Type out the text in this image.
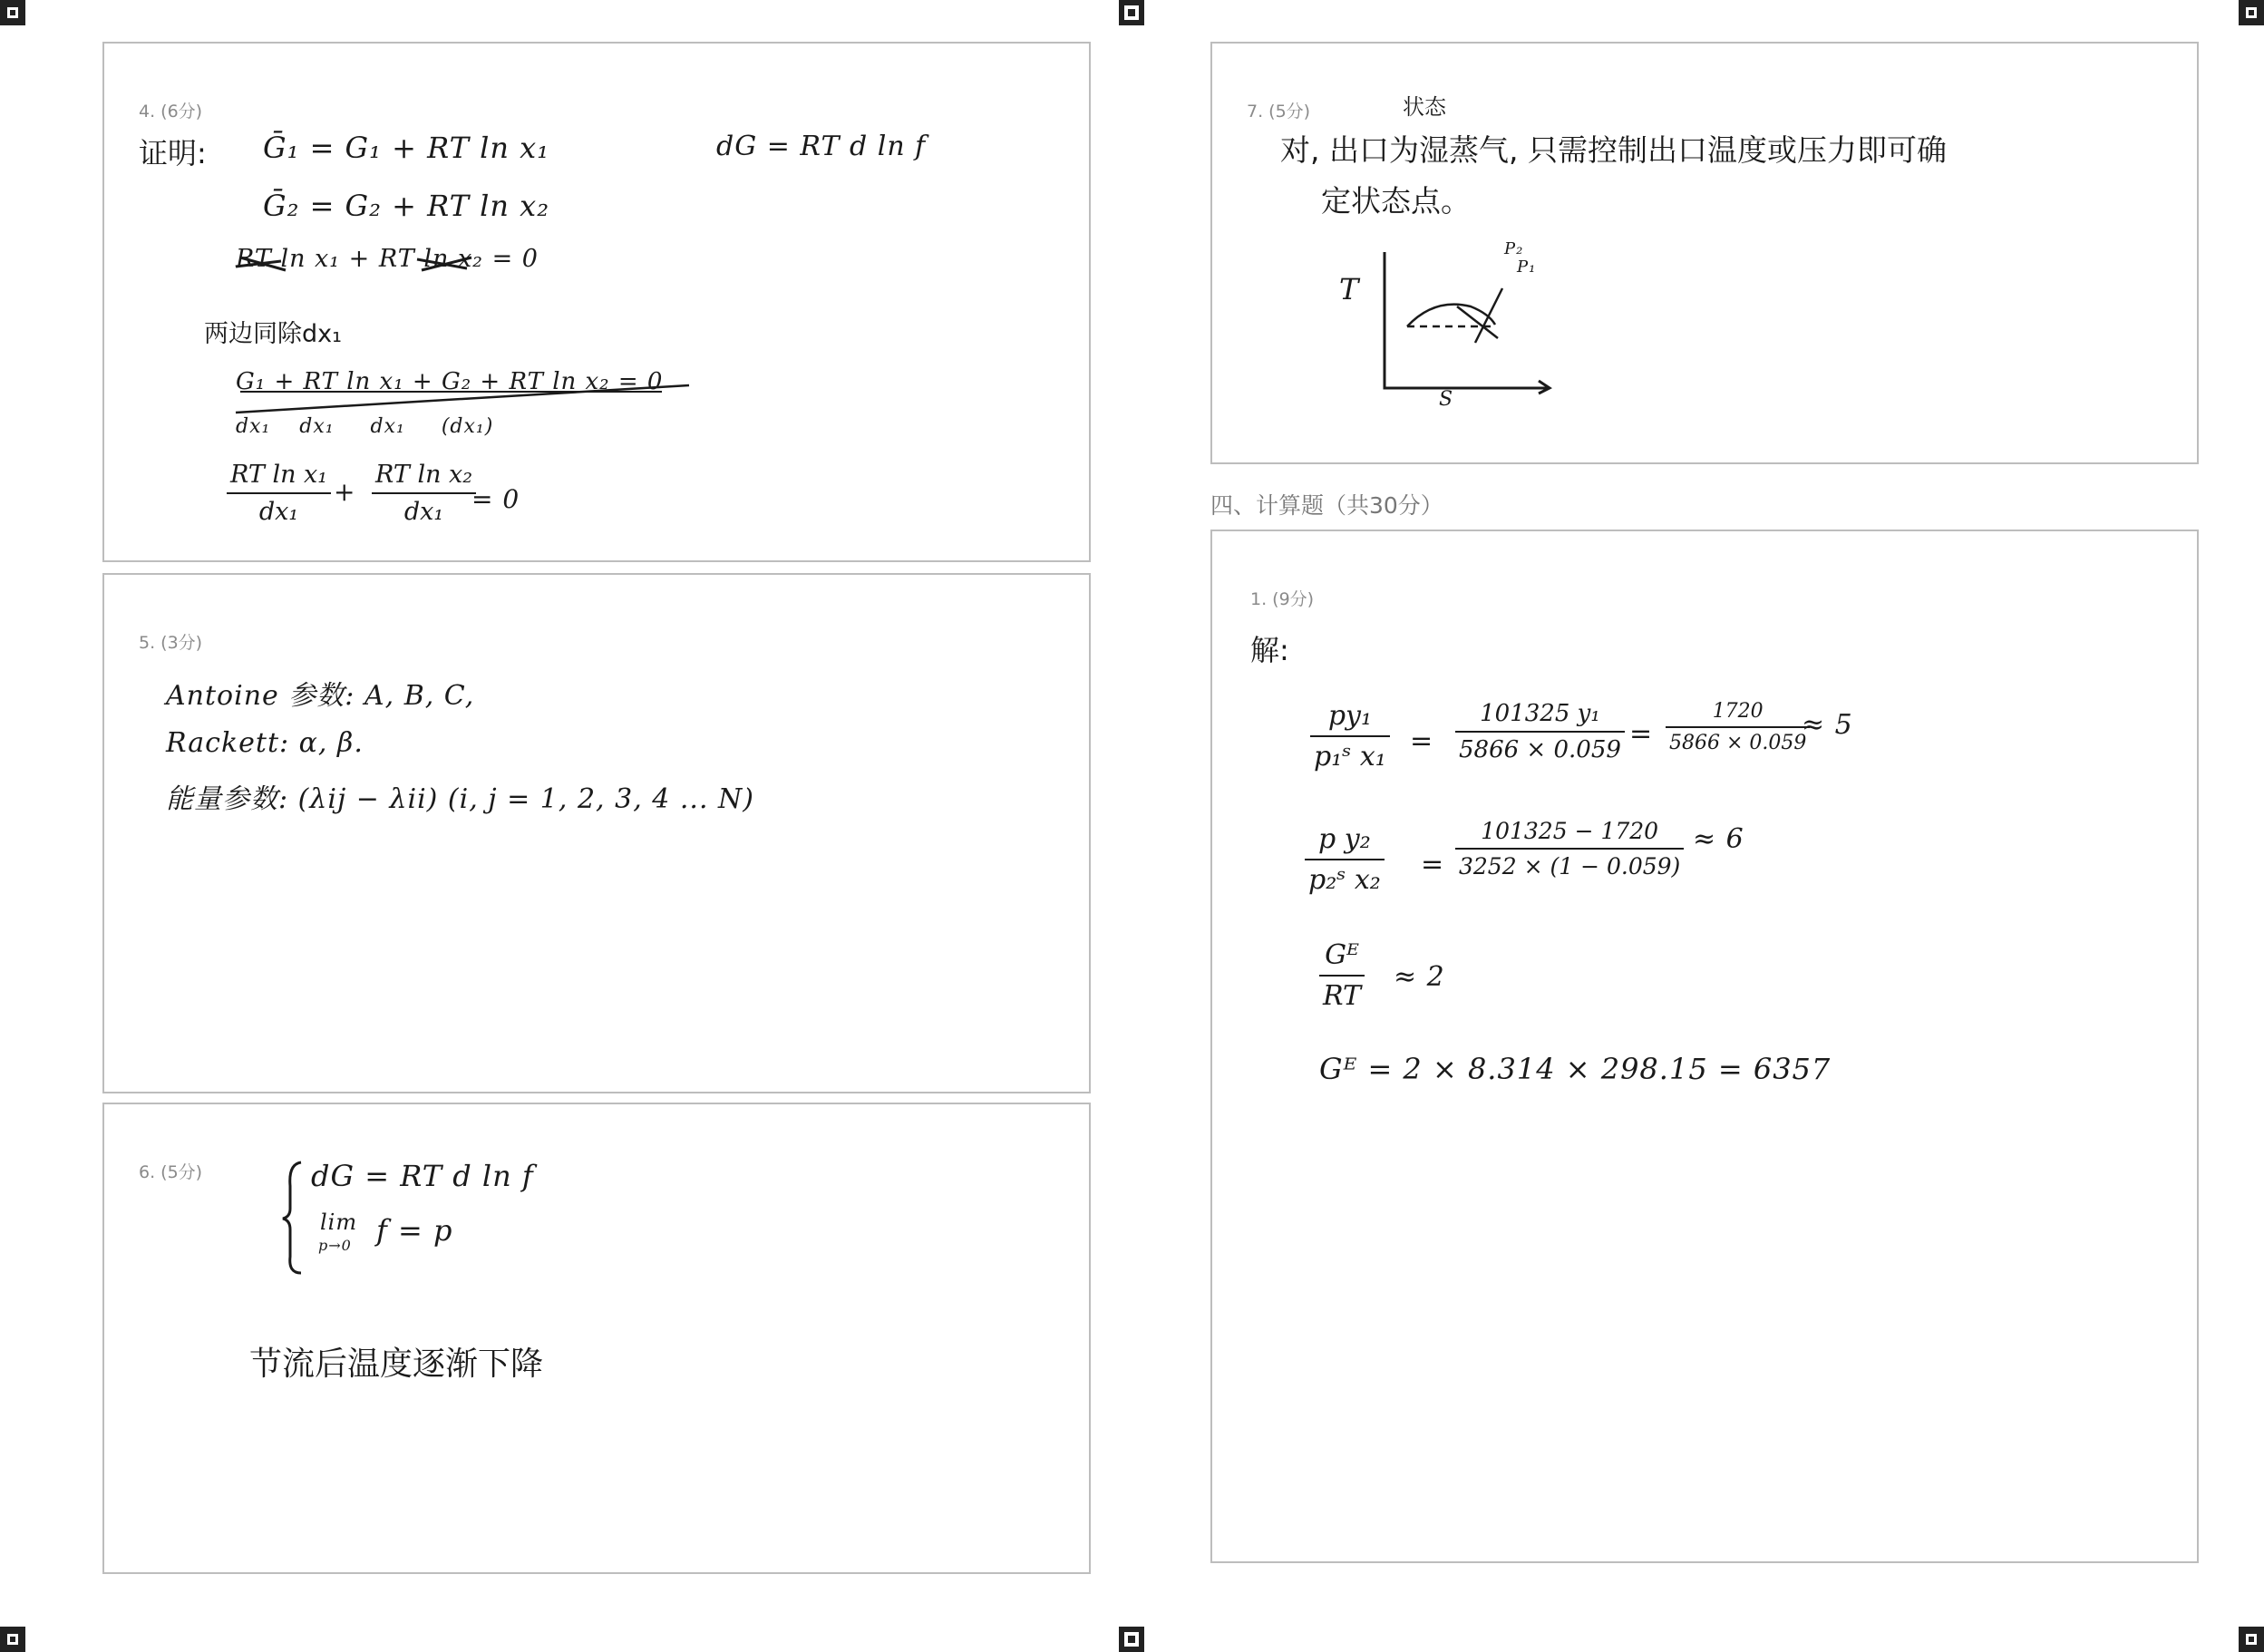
4. (6分)
证明: Ḡ₁ = G₁ + RT ln x₁	dG = RT d ln f
Ḡ₂ = G₂ + RT ln x₂
RT ln x₁ + RT ln x₂ = 0
两边同除dx₁
G₁ + RT ln x₁ + G₂ + RT ln x₂ = 0
dx₁    dx₁     dx₁     (dx₁)
$\frac{\text{RT ln x₁}}{\text{dx₁}} + \frac{\text{RT ln x₂}}{\text{dx₁}}$
= 0
5. (3分)
Antoine 参数: A, B, C,
Rackett: α, β.
能量参数: (λij − λii) (i, j = 1, 2, 3, 4 ... N)
6. (5分)	dG = RT d ln f
lim
p→0 f = p
节流后温度逐渐下降
7. (5分)	状态
对, 出口为湿蒸气, 只需控制出口温度或压力即可确
定状态点。
T
S
P₂
P₁
四、计算题（共30分）
1. (9分)
解:
$\frac{\text{py₁}}{\text{p₁ˢ x₁}} = \frac{\text{101325 y₁}}{5866 \times 0.059} = \frac{1720}{5866 \times 0.059}$
≈ 5
$\frac{\text{p y₂}}{\text{p₂ˢ x₂}} = \frac{101325 - 1720}{3252 \times (1 - 0.059)} \approx 6$
$\frac{\text{Gᴱ}}{RT} \approx 2$
Gᴱ = 2 × 8.314 × 298.15 = 6357
